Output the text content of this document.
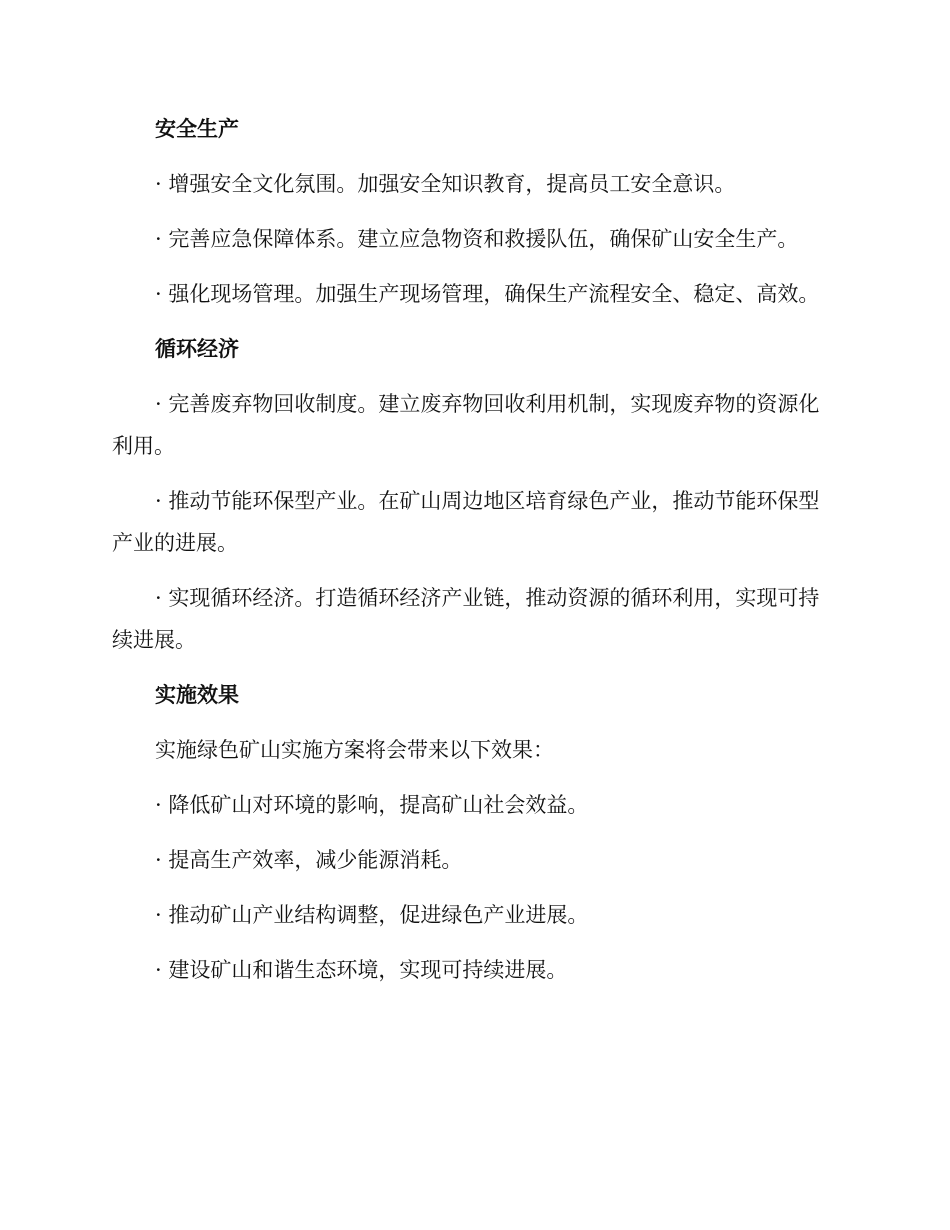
安全生产

· 增强安全文化氛围。加强安全知识教育，提高员工安全意识。

· 完善应急保障体系。建立应急物资和救援队伍，确保矿山安全生产。

· 强化现场管理。加强生产现场管理，确保生产流程安全、稳定、高效。

循环经济

· 完善废弃物回收制度。建立废弃物回收利用机制，实现废弃物的资源化利用。

· 推动节能环保型产业。在矿山周边地区培育绿色产业，推动节能环保型产业的进展。

· 实现循环经济。打造循环经济产业链，推动资源的循环利用，实现可持续进展。

实施效果

实施绿色矿山实施方案将会带来以下效果：

· 降低矿山对环境的影响，提高矿山社会效益。

· 提高生产效率，减少能源消耗。

· 推动矿山产业结构调整，促进绿色产业进展。

· 建设矿山和谐生态环境，实现可持续进展。
